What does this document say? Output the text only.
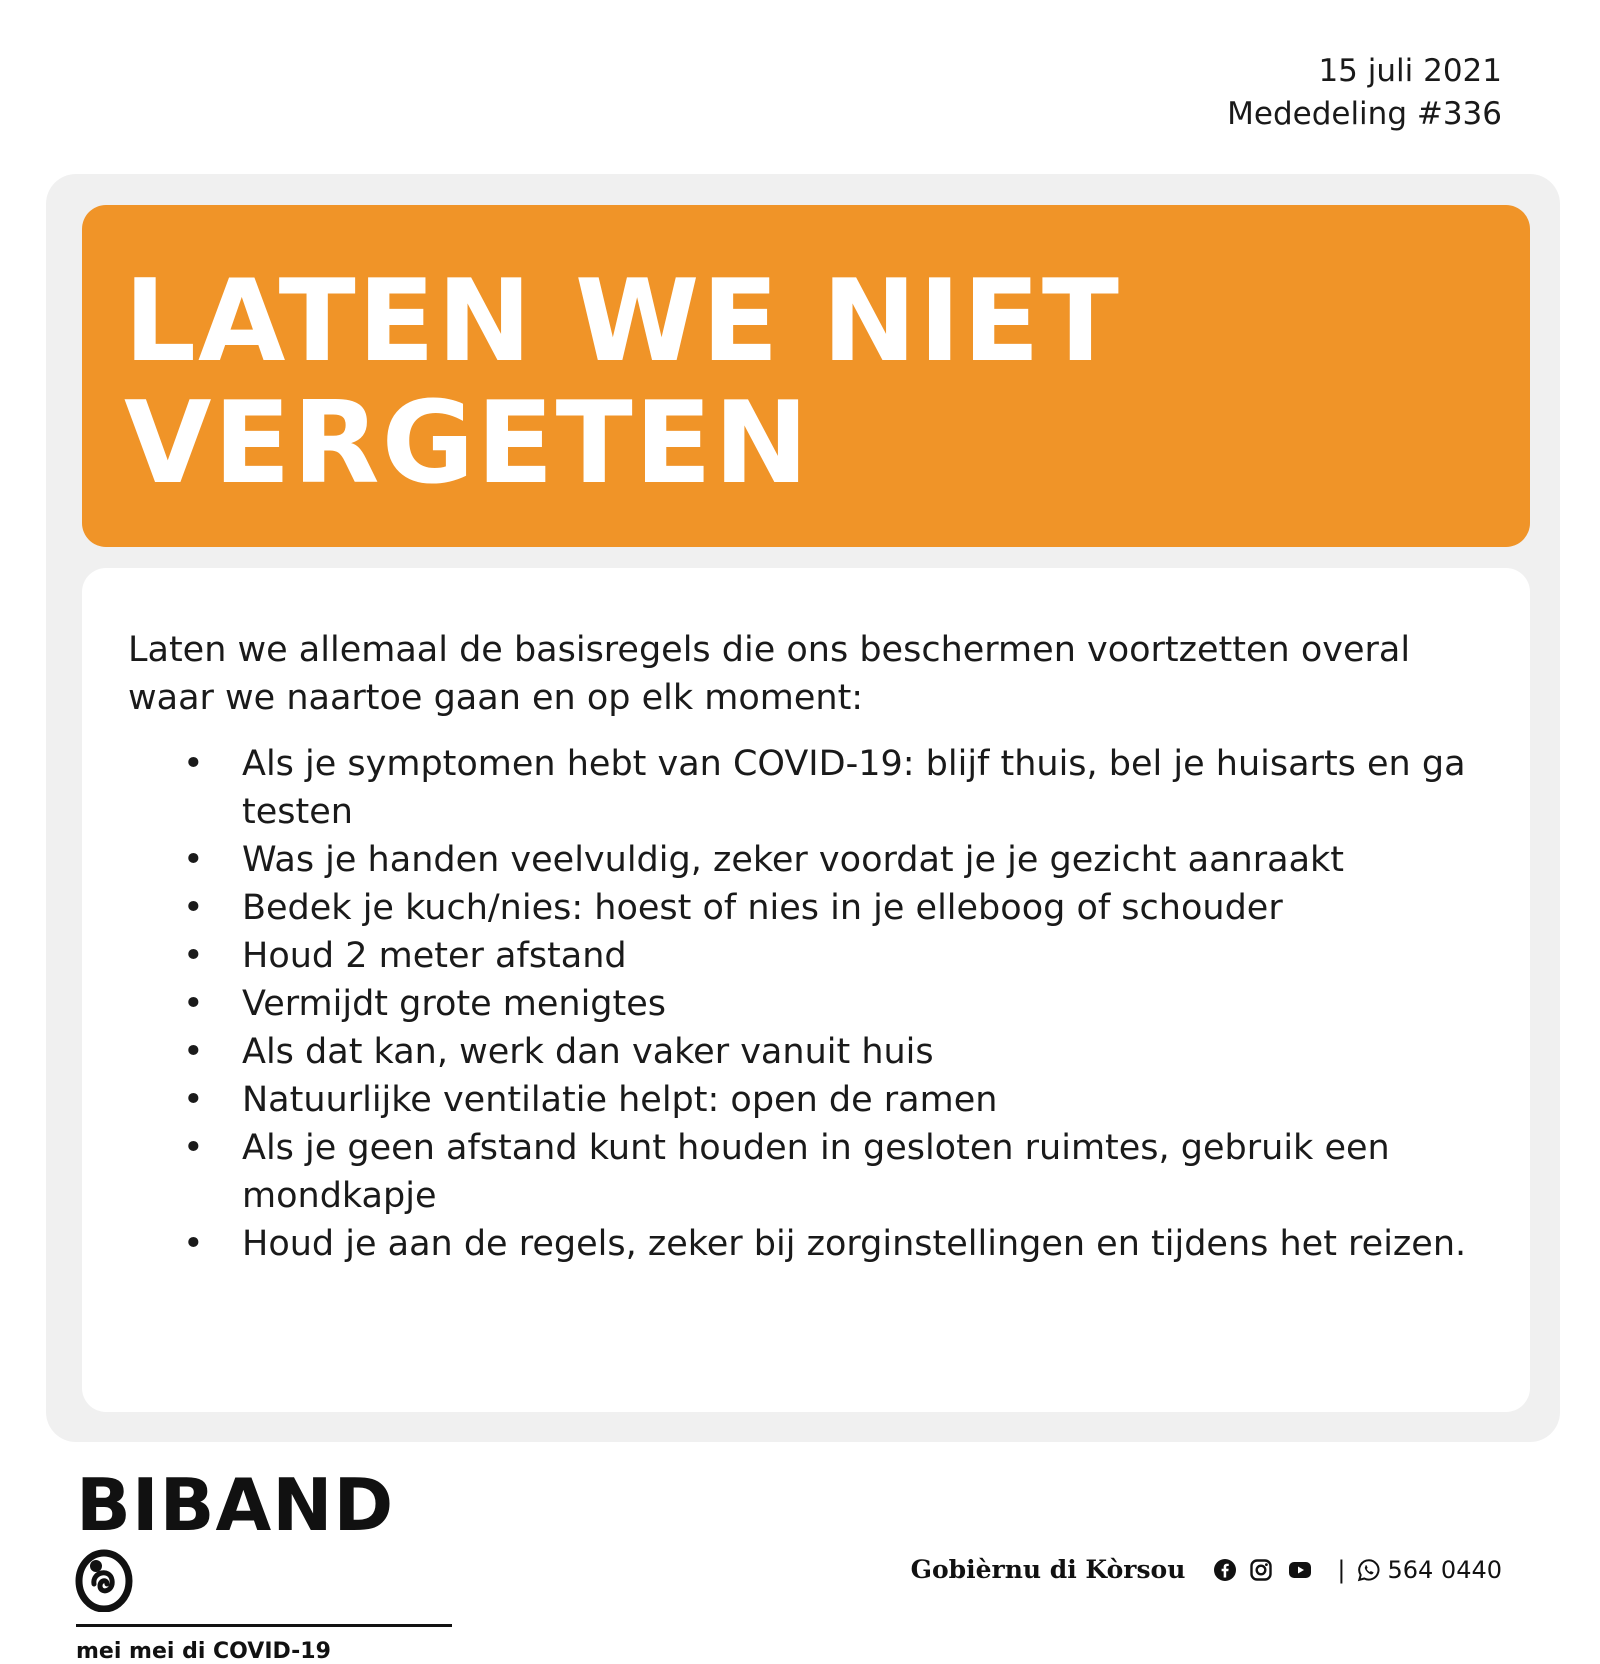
15 juli 2021
Mededeling #336
LATEN WE NIET
VERGETEN

Laten we allemaal de basisregels die ons beschermen voortzetten overal waar we naartoe gaan en op elk moment:

• Als je symptomen hebt van COVID-19: blijf thuis, bel je huisarts en ga testen
• Was je handen veelvuldig, zeker voordat je je gezicht aanraakt
• Bedek je kuch/nies: hoest of nies in je elleboog of schouder
• Houd 2 meter afstand
• Vermijdt grote menigtes
• Als dat kan, werk dan vaker vanuit huis
• Natuurlijke ventilatie helpt: open de ramen
• Als je geen afstand kunt houden in gesloten ruimtes, gebruik een mondkapje
• Houd je aan de regels, zeker bij zorginstellingen en tijdens het reizen.
BIBAND
mei mei di COVID-19
Gobièrnu di Kòrsou	| 564 0440
